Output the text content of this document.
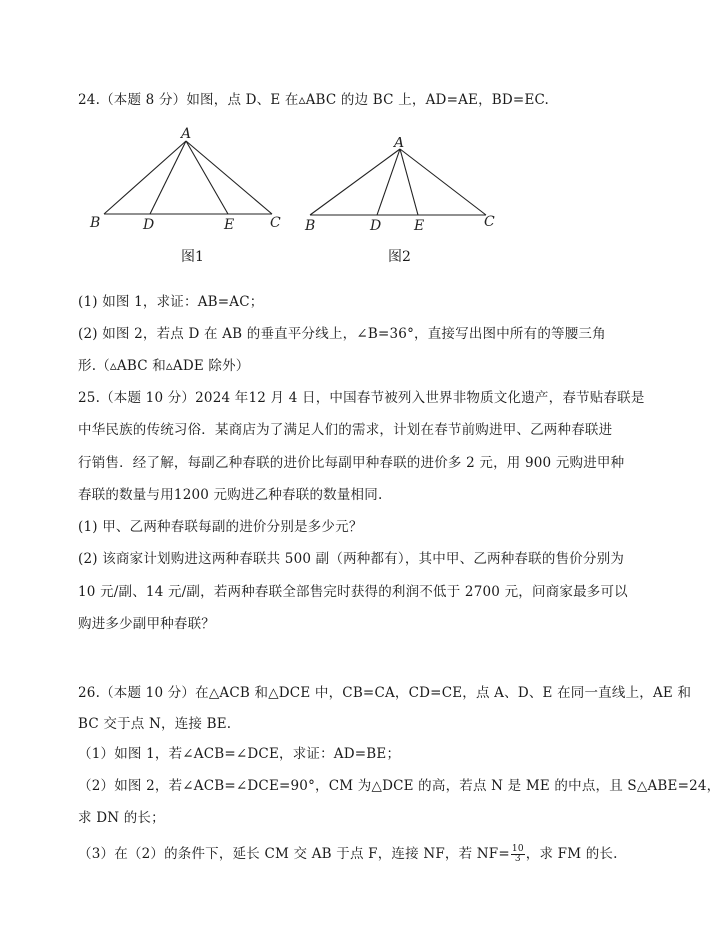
24.（本题 8 分）如图，点 D、E 在▵ABC 的边 BC 上，AD=AE，BD=EC.
A
B	D	E	C
图1
A
B	D E	C
图2
(1) 如图 1，求证：AB=AC；
(2) 如图 2，若点 D 在 AB 的垂直平分线上，∠B=36°，直接写出图中所有的等腰三角
形.（▵ABC 和▵ADE 除外）
25.（本题 10 分）2024 年12 月 4 日，中国春节被列入世界非物质文化遗产，春节贴春联是
中华民族的传统习俗．某商店为了满足人们的需求，计划在春节前购进甲、乙两种春联进
行销售．经了解，每副乙种春联的进价比每副甲种春联的进价多 2 元，用 900 元购进甲种
春联的数量与用1200 元购进乙种春联的数量相同.
(1) 甲、乙两种春联每副的进价分别是多少元？
(2) 该商家计划购进这两种春联共 500 副（两种都有），其中甲、乙两种春联的售价分别为
10 元/副、14 元/副，若两种春联全部售完时获得的利润不低于 2700 元，问商家最多可以
购进多少副甲种春联？
26.（本题 10 分）在△ACB 和△DCE 中，CB=CA，CD=CE，点 A、D、E 在同一直线上，AE 和
BC 交于点 N，连接 BE.
（1）如图 1，若∠ACB=∠DCE，求证：AD=BE；
（2）如图 2，若∠ACB=∠DCE=90°，CM 为△DCE 的高，若点 N 是 ME 的中点，且 S△ABE=24，
求 DN 的长；
（3）在（2）的条件下，延长 CM 交 AB 于点 F，连接 NF，若 $NF= \frac{10}{3}$ ，求 FM 的长.
